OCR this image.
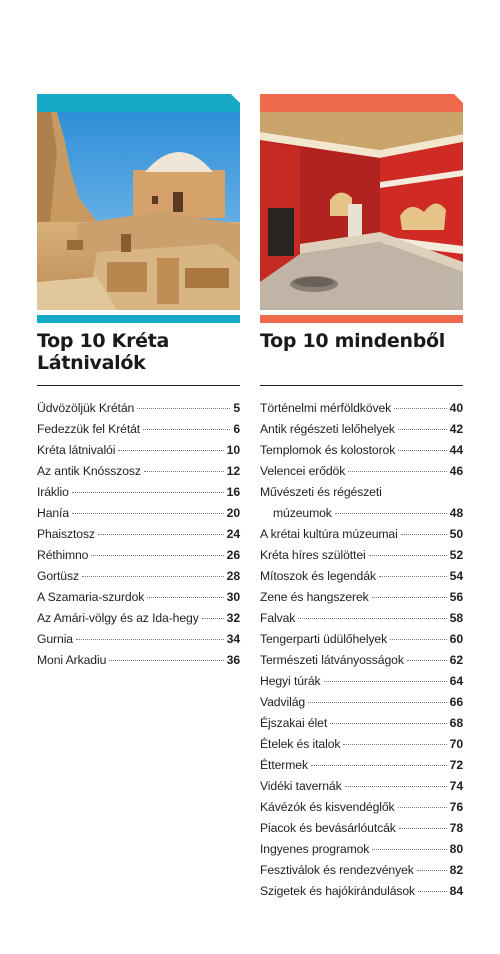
Top 10 Kréta
Látnivalók
Üdvözöljük Krétán	5
Fedezzük fel Krétát	6
Kréta látnivalói	10
Az antik Knósszosz	12
Iráklio	16
Hanía	20
Phaisztosz	24
Réthimno	26
Gortüsz	28
A Szamaria-szurdok	30
Az Amári-völgy és az Ida-hegy 32
Gurnia	34
Moni Arkadiu	36
Top 10 mindenből
Történelmi mérföldkövek	40
Antik régészeti lelőhelyek	42
Templomok és kolostorok	44
Velencei erődök	46
Művészeti és régészeti
múzeumok	48
A krétai kultúra múzeumai	50
Kréta híres szülöttei	52
Mítoszok és legendák	54
Zene és hangszerek	56
Falvak	58
Tengerparti üdülőhelyek	60
Természeti látványosságok	62
Hegyi túrák	64
Vadvilág	66
Éjszakai élet	68
Ételek és italok	70
Éttermek	72
Vidéki tavernák	74
Kávézók és kisvendéglők	76
Piacok és bevásárlóutcák	78
Ingyenes programok	80
Fesztiválok és rendezvények	82
Szigetek és hajókirándulások	84
